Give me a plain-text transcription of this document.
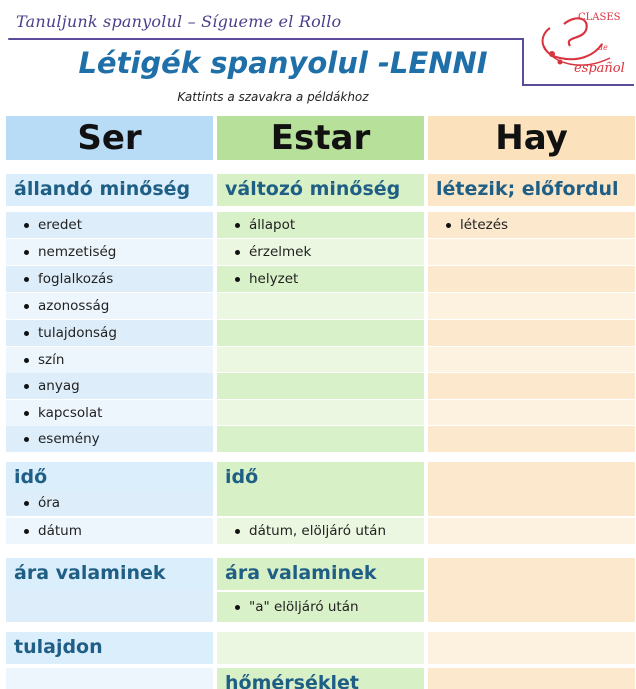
Tanuljunk spanyolul – Sígueme el Rollo
Létigék spanyolul -LENNI
Kattints a szavakra a példákhoz
CLASES
de
español
Ser	Estar	Hay
állandó minőség
eredet
nemzetiség
foglalkozás
azonosság
tulajdonság
szín
anyag
kapcsolat
esemény
idő
óra
dátum
ára valaminek
tulajdon
változó minőség
állapot
érzelmek
helyzet
idő
dátum, elöljáró után
ára valaminek
"a" elöljáró után
hőmérséklet
létezik; előfordul
létezés
